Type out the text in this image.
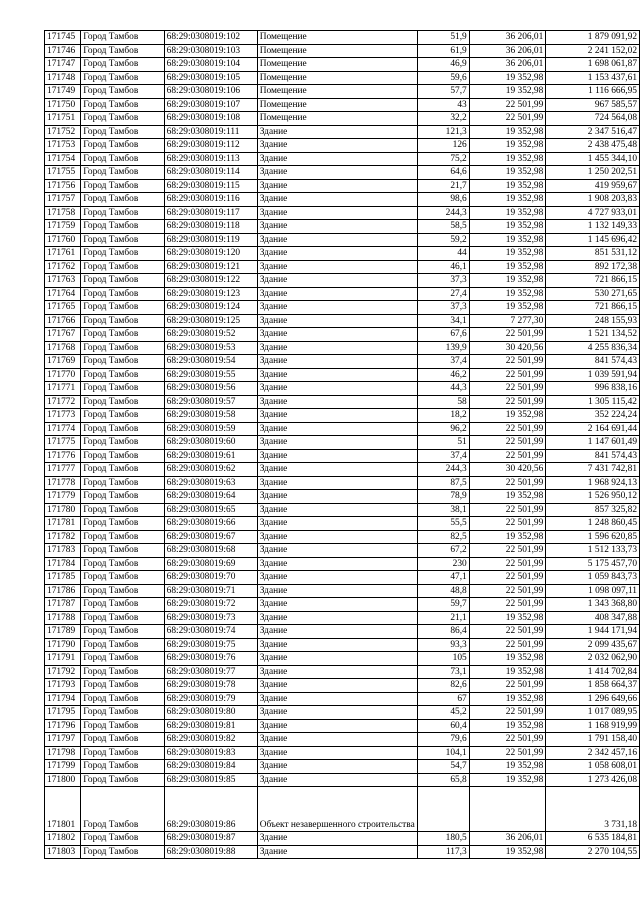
171745	Город Тамбов	68:29:0308019:102	Помещение	51,9	36 206,01	1 879 091,92
171746	Город Тамбов	68:29:0308019:103	Помещение	61,9	36 206,01	2 241 152,02
171747	Город Тамбов	68:29:0308019:104	Помещение	46,9	36 206,01	1 698 061,87
171748	Город Тамбов	68:29:0308019:105	Помещение	59,6	19 352,98	1 153 437,61
171749	Город Тамбов	68:29:0308019:106	Помещение	57,7	19 352,98	1 116 666,95
171750	Город Тамбов	68:29:0308019:107	Помещение	43	22 501,99	967 585,57
171751	Город Тамбов	68:29:0308019:108	Помещение	32,2	22 501,99	724 564,08
171752	Город Тамбов	68:29:0308019:111	Здание	121,3	19 352,98	2 347 516,47
171753	Город Тамбов	68:29:0308019:112	Здание	126	19 352,98	2 438 475,48
171754	Город Тамбов	68:29:0308019:113	Здание	75,2	19 352,98	1 455 344,10
171755	Город Тамбов	68:29:0308019:114	Здание	64,6	19 352,98	1 250 202,51
171756	Город Тамбов	68:29:0308019:115	Здание	21,7	19 352,98	419 959,67
171757	Город Тамбов	68:29:0308019:116	Здание	98,6	19 352,98	1 908 203,83
171758	Город Тамбов	68:29:0308019:117	Здание	244,3	19 352,98	4 727 933,01
171759	Город Тамбов	68:29:0308019:118	Здание	58,5	19 352,98	1 132 149,33
171760	Город Тамбов	68:29:0308019:119	Здание	59,2	19 352,98	1 145 696,42
171761	Город Тамбов	68:29:0308019:120	Здание	44	19 352,98	851 531,12
171762	Город Тамбов	68:29:0308019:121	Здание	46,1	19 352,98	892 172,38
171763	Город Тамбов	68:29:0308019:122	Здание	37,3	19 352,98	721 866,15
171764	Город Тамбов	68:29:0308019:123	Здание	27,4	19 352,98	530 271,65
171765	Город Тамбов	68:29:0308019:124	Здание	37,3	19 352,98	721 866,15
171766	Город Тамбов	68:29:0308019:125	Здание	34,1	7 277,30	248 155,93
171767	Город Тамбов	68:29:0308019:52	Здание	67,6	22 501,99	1 521 134,52
171768	Город Тамбов	68:29:0308019:53	Здание	139,9	30 420,56	4 255 836,34
171769	Город Тамбов	68:29:0308019:54	Здание	37,4	22 501,99	841 574,43
171770	Город Тамбов	68:29:0308019:55	Здание	46,2	22 501,99	1 039 591,94
171771	Город Тамбов	68:29:0308019:56	Здание	44,3	22 501,99	996 838,16
171772	Город Тамбов	68:29:0308019:57	Здание	58	22 501,99	1 305 115,42
171773	Город Тамбов	68:29:0308019:58	Здание	18,2	19 352,98	352 224,24
171774	Город Тамбов	68:29:0308019:59	Здание	96,2	22 501,99	2 164 691,44
171775	Город Тамбов	68:29:0308019:60	Здание	51	22 501,99	1 147 601,49
171776	Город Тамбов	68:29:0308019:61	Здание	37,4	22 501,99	841 574,43
171777	Город Тамбов	68:29:0308019:62	Здание	244,3	30 420,56	7 431 742,81
171778	Город Тамбов	68:29:0308019:63	Здание	87,5	22 501,99	1 968 924,13
171779	Город Тамбов	68:29:0308019:64	Здание	78,9	19 352,98	1 526 950,12
171780	Город Тамбов	68:29:0308019:65	Здание	38,1	22 501,99	857 325,82
171781	Город Тамбов	68:29:0308019:66	Здание	55,5	22 501,99	1 248 860,45
171782	Город Тамбов	68:29:0308019:67	Здание	82,5	19 352,98	1 596 620,85
171783	Город Тамбов	68:29:0308019:68	Здание	67,2	22 501,99	1 512 133,73
171784	Город Тамбов	68:29:0308019:69	Здание	230	22 501,99	5 175 457,70
171785	Город Тамбов	68:29:0308019:70	Здание	47,1	22 501,99	1 059 843,73
171786	Город Тамбов	68:29:0308019:71	Здание	48,8	22 501,99	1 098 097,11
171787	Город Тамбов	68:29:0308019:72	Здание	59,7	22 501,99	1 343 368,80
171788	Город Тамбов	68:29:0308019:73	Здание	21,1	19 352,98	408 347,88
171789	Город Тамбов	68:29:0308019:74	Здание	86,4	22 501,99	1 944 171,94
171790	Город Тамбов	68:29:0308019:75	Здание	93,3	22 501,99	2 099 435,67
171791	Город Тамбов	68:29:0308019:76	Здание	105	19 352,98	2 032 062,90
171792	Город Тамбов	68:29:0308019:77	Здание	73,1	19 352,98	1 414 702,84
171793	Город Тамбов	68:29:0308019:78	Здание	82,6	22 501,99	1 858 664,37
171794	Город Тамбов	68:29:0308019:79	Здание	67	19 352,98	1 296 649,66
171795	Город Тамбов	68:29:0308019:80	Здание	45,2	22 501,99	1 017 089,95
171796	Город Тамбов	68:29:0308019:81	Здание	60,4	19 352,98	1 168 919,99
171797	Город Тамбов	68:29:0308019:82	Здание	79,6	22 501,99	1 791 158,40
171798	Город Тамбов	68:29:0308019:83	Здание	104,1	22 501,99	2 342 457,16
171799	Город Тамбов	68:29:0308019:84	Здание	54,7	19 352,98	1 058 608,01
171800	Город Тамбов	68:29:0308019:85	Здание	65,8	19 352,98	1 273 426,08
171801	Город Тамбов	68:29:0308019:86	Объект незавершенного строительства			3 731,18
171802	Город Тамбов	68:29:0308019:87	Здание	180,5	36 206,01	6 535 184,81
171803	Город Тамбов	68:29:0308019:88	Здание	117,3	19 352,98	2 270 104,55
